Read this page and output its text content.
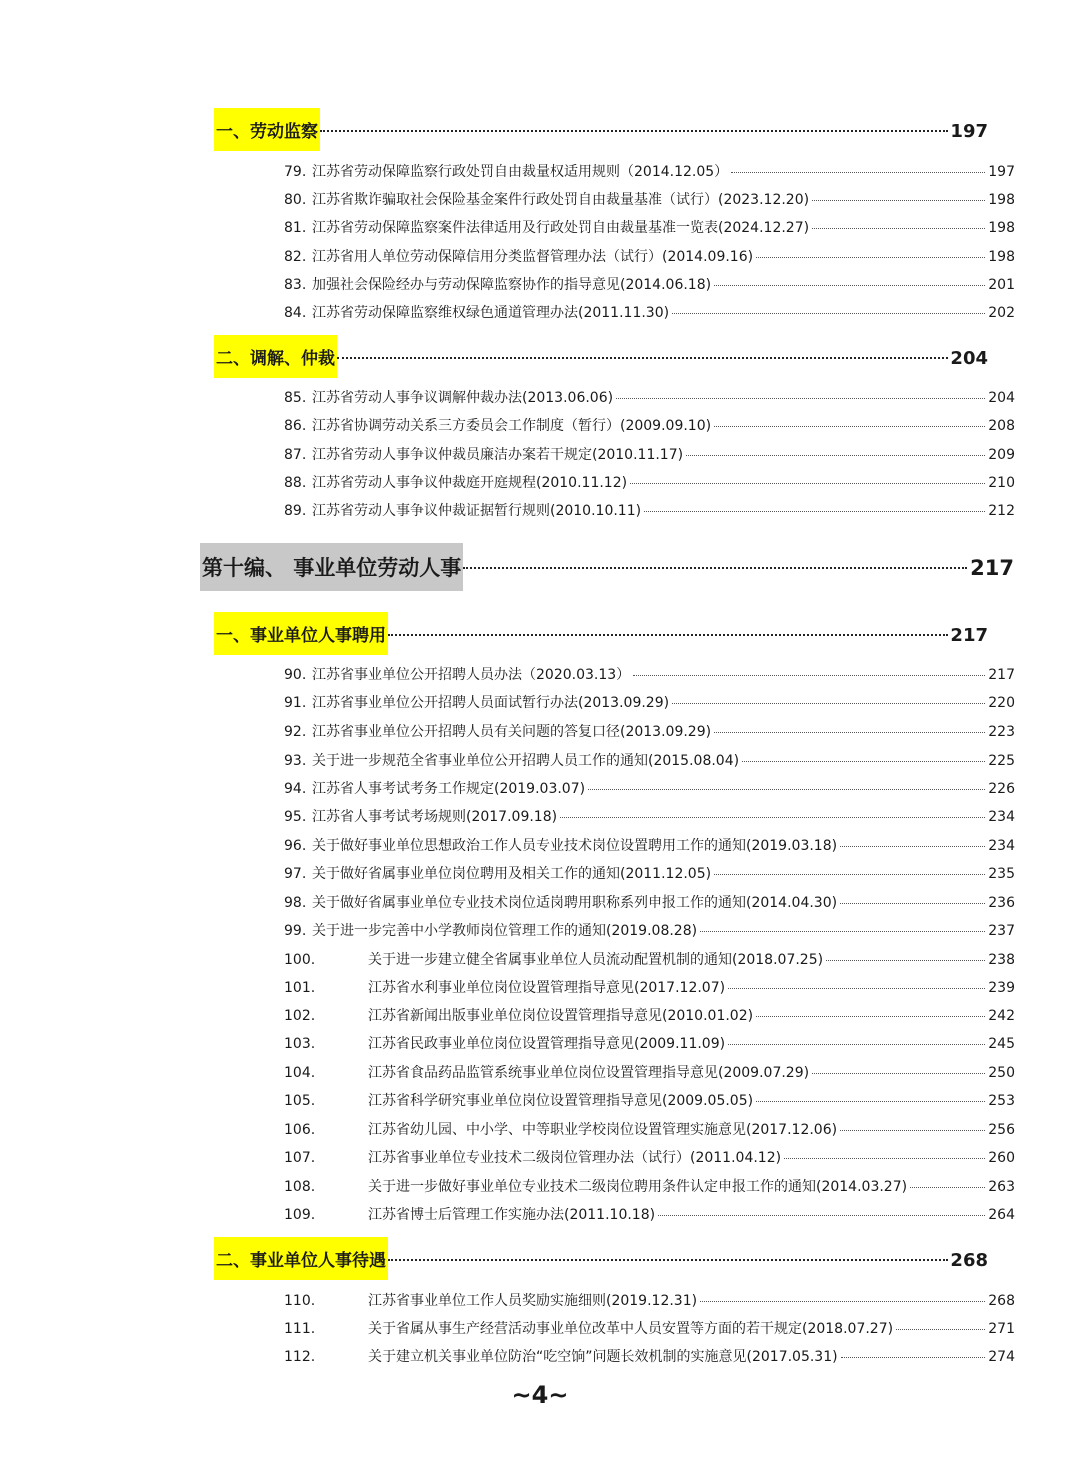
一、劳动监察	197
79. 江苏省劳动保障监察行政处罚自由裁量权适用规则（2014.12.05）	197
80. 江苏省欺诈骗取社会保险基金案件行政处罚自由裁量基准（试行）(2023.12.20)	198
81. 江苏省劳动保障监察案件法律适用及行政处罚自由裁量基准一览表(2024.12.27)	198
82. 江苏省用人单位劳动保障信用分类监督管理办法（试行）(2014.09.16)	198
83. 加强社会保险经办与劳动保障监察协作的指导意见(2014.06.18)	201
84. 江苏省劳动保障监察维权绿色通道管理办法(2011.11.30)	202
二、调解、仲裁	204
85. 江苏省劳动人事争议调解仲裁办法(2013.06.06)	204
86. 江苏省协调劳动关系三方委员会工作制度（暂行）(2009.09.10)	208
87. 江苏省劳动人事争议仲裁员廉洁办案若干规定(2010.11.17)	209
88. 江苏省劳动人事争议仲裁庭开庭规程(2010.11.12)	210
89. 江苏省劳动人事争议仲裁证据暂行规则(2010.10.11)	212
第十编、 事业单位劳动人事	217
一、事业单位人事聘用	217
90. 江苏省事业单位公开招聘人员办法（2020.03.13）	217
91. 江苏省事业单位公开招聘人员面试暂行办法(2013.09.29)	220
92. 江苏省事业单位公开招聘人员有关问题的答复口径(2013.09.29)	223
93. 关于进一步规范全省事业单位公开招聘人员工作的通知(2015.08.04)	225
94. 江苏省人事考试考务工作规定(2019.03.07)	226
95. 江苏省人事考试考场规则(2017.09.18)	234
96. 关于做好事业单位思想政治工作人员专业技术岗位设置聘用工作的通知(2019.03.18)	234
97. 关于做好省属事业单位岗位聘用及相关工作的通知(2011.12.05)	235
98. 关于做好省属事业单位专业技术岗位适岗聘用职称系列申报工作的通知(2014.04.30)	236
99. 关于进一步完善中小学教师岗位管理工作的通知(2019.08.28)	237
100.	关于进一步建立健全省属事业单位人员流动配置机制的通知(2018.07.25)	238
101.	江苏省水利事业单位岗位设置管理指导意见(2017.12.07)	239
102.	江苏省新闻出版事业单位岗位设置管理指导意见(2010.01.02)	242
103.	江苏省民政事业单位岗位设置管理指导意见(2009.11.09)	245
104.	江苏省食品药品监管系统事业单位岗位设置管理指导意见(2009.07.29)	250
105.	江苏省科学研究事业单位岗位设置管理指导意见(2009.05.05)	253
106.	江苏省幼儿园、中小学、中等职业学校岗位设置管理实施意见(2017.12.06)	256
107.	江苏省事业单位专业技术二级岗位管理办法（试行）(2011.04.12)	260
108.	关于进一步做好事业单位专业技术二级岗位聘用条件认定申报工作的通知(2014.03.27)	263
109.	江苏省博士后管理工作实施办法(2011.10.18)	264
二、事业单位人事待遇	268
110.	江苏省事业单位工作人员奖励实施细则(2019.12.31)	268
111.	关于省属从事生产经营活动事业单位改革中人员安置等方面的若干规定(2018.07.27)	271
112.	关于建立机关事业单位防治“吃空饷”问题长效机制的实施意见(2017.05.31)	274
~4~
